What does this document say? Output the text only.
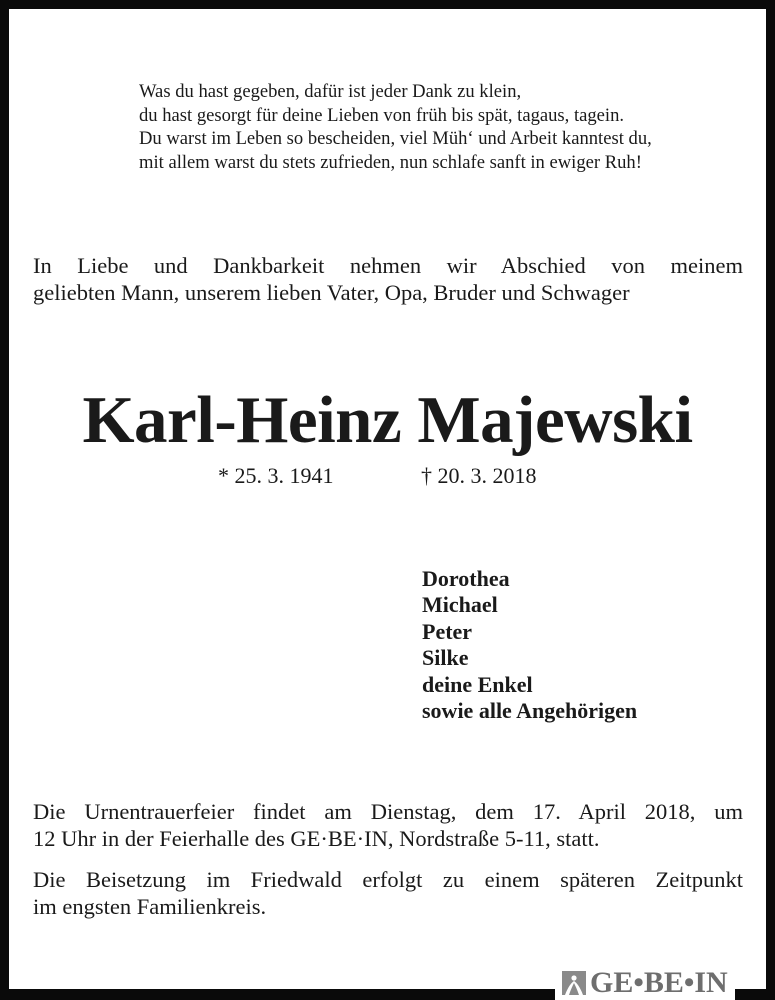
Was du hast gegeben, dafür ist jeder Dank zu klein,
du hast gesorgt für deine Lieben von früh bis spät, tagaus, tagein.
Du warst im Leben so bescheiden, viel Müh‘ und Arbeit kanntest du,
mit allem warst du stets zufrieden, nun schlafe sanft in ewiger Ruh!
In Liebe und Dankbarkeit nehmen wir Abschied von meinem
geliebten Mann, unserem lieben Vater, Opa, Bruder und Schwager
Karl-Heinz Majewski
* 25. 3. 1941	† 20. 3. 2018
Dorothea
Michael
Peter
Silke
deine Enkel
sowie alle Angehörigen
Die Urnentrauerfeier findet am Dienstag, dem 17. April 2018, um
12 Uhr in der Feierhalle des GE·BE·IN, Nordstraße 5-11, statt.
Die Beisetzung im Friedwald erfolgt zu einem späteren Zeitpunkt
im engsten Familienkreis.
GE•BE•IN
